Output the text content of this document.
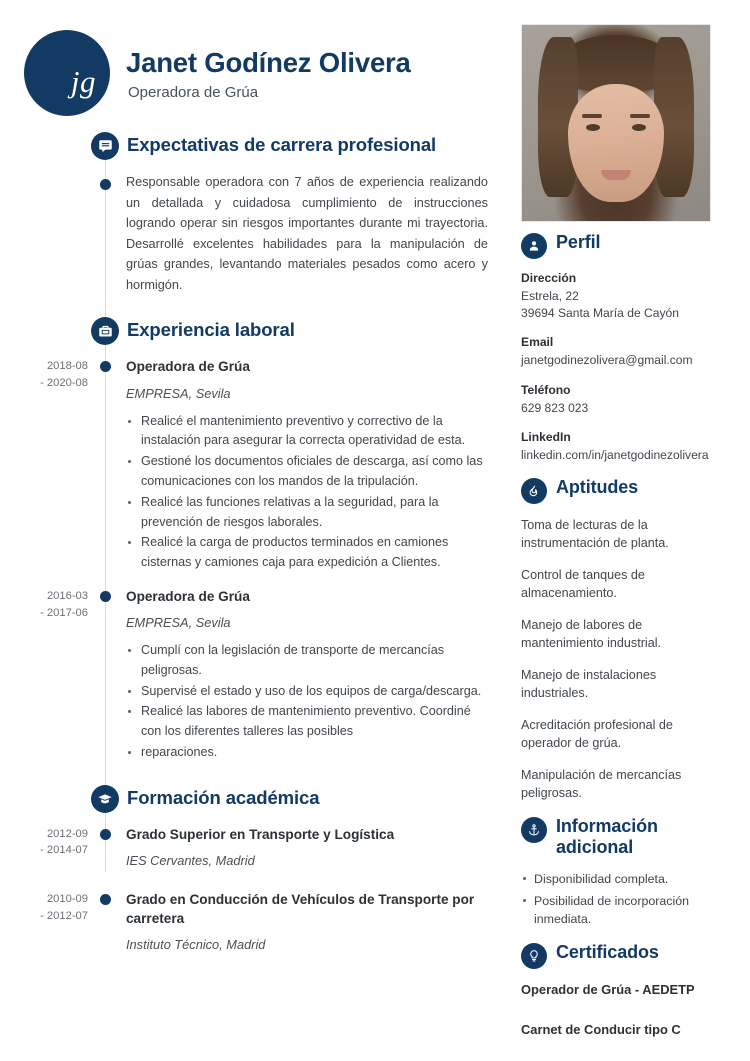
jg
Janet Godínez Olivera
Operadora de Grúa
Expectativas de carrera profesional

Responsable operadora con 7 años de experiencia realizando un detallada y cuidadosa cumplimiento de instrucciones logrando operar sin riesgos importantes durante mi trayectoria. Desarrollé excelentes habilidades para la manipulación de grúas grandes, levantando materiales pesados como acero y hormigón.

Experiencia laboral
2018-08
- 2020-08
Operadora de Grúa
EMPRESA, Sevila
Realicé el mantenimiento preventivo y correctivo de la instalación para asegurar la correcta operatividad de esta.
Gestioné los documentos oficiales de descarga, así como las comunicaciones con los mandos de la tripulación.
Realicé las funciones relativas a la seguridad, para la prevención de riesgos laborales.
Realicé la carga de productos terminados en camiones cisternas y camiones caja para expedición a Clientes.
2016-03
- 2017-06
Operadora de Grúa
EMPRESA, Sevila
Cumplí con la legislación de transporte de mercancías peligrosas.
Supervisé el estado y uso de los equipos de carga/descarga.
Realicé las labores de mantenimiento preventivo. Coordiné con los diferentes talleres las posibles
reparaciones.
Formación académica
2012-09
- 2014-07
Grado Superior en Transporte y Logística
IES Cervantes, Madrid
2010-09
- 2012-07
Grado en Conducción de Vehículos de Transporte por carretera
Instituto Técnico, Madrid
Perfil
Dirección
Estrela, 22
39694 Santa María de Cayón
Email
janetgodinezolivera@gmail.com
Teléfono
629 823 023
LinkedIn
linkedin.com/in/janetgodinezolivera
Aptitudes
Toma de lecturas de la instrumentación de planta.
Control de tanques de almacenamiento.
Manejo de labores de mantenimiento industrial.
Manejo de instalaciones industriales.
Acreditación profesional de operador de grúa.
Manipulación de mercancías peligrosas.
Información adicional
Disponibilidad completa.
Posibilidad de incorporación inmediata.
Certificados
Operador de Grúa - AEDETP
Carnet de Conducir tipo C
